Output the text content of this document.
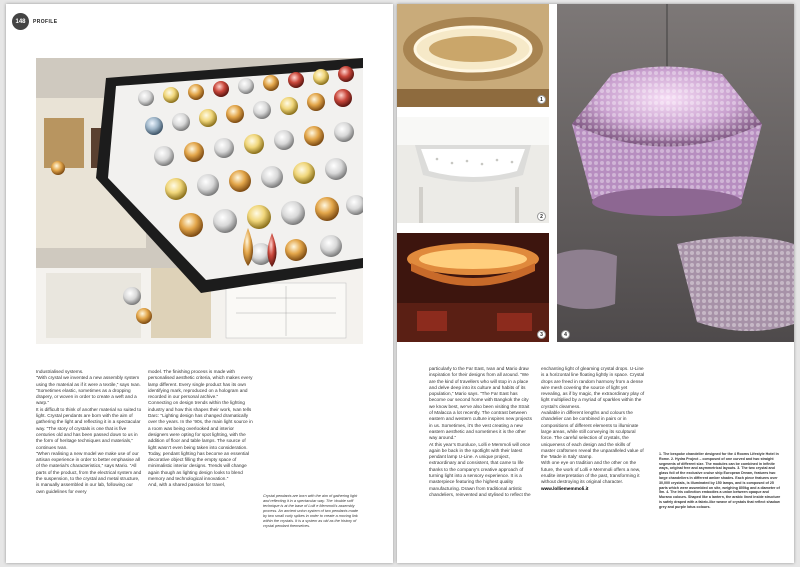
148	PROFILE

Industrialised systems.
“With crystal we invented a new assembly system using the material as if it were a textile,” says Ivan. “Sometimes elastic, sometimes as a dropping drapery, or woven in order to create a weft and a warp.”
It is difficult to think of another material so suited to light. Crystal pendants are born with the aim of gathering the light and reflecting it in a spectacular way. “The story of crystals is one that is five centuries old and has been passed down to us in the form of heritage techniques and materials,” continues Ivan.
“When realising a new model we make use of our artisan experience in order to better emphasise all of the material’s characteristics,” says Mario. “All parts of the product, from the electrical system and the suspension, to the crystal and metal structure, is manually assembled in our lab, following our own guidelines for every

model. The finishing process is made with personalised aesthetic criteria, which makes every lamp different. Every single product has its own identifying mark, reproduced on a hologram and recorded in our personal archive.”
Connecting on design trends within the lighting industry and how this shapes their work, Ivan tells Darc: “Lighting design has changed dramatically over the years. In the ‘90s, the main light source in a room was being overlooked and interior designers were opting for spot lighting, with the addition of floor and table lamps. The source of light wasn’t even being taken into consideration. Today, pendant lighting has become an essential decorative object filling the empty space of minimalistic interior designs. Trends will change again though as lighting design looks to blend memory and technological innovation.”
And, with a shared passion for travel,

Crystal pendants are born with the aim of gathering light and reflecting it in a spectacular way. The ‘double soft’ technique is at the base of Lolli e Memmoli’s assembly process. An ancient union system of two pendants made by two small curly spikes in order to create a moving link within the crystals. It is a system as old as the history of crystal pendant themselves.
1
2
3	4

particularly to the Far East, Ivan and Mario draw inspiration for their designs from all around. “We are the kind of travellers who will stop in a place and delve deep into its culture and habits of its population,” Mario says. “The Far East has become our second home with Bangkok the city we know best, we’ve also been visiting the Strait of Malacca a lot recently. The contrast between eastern and western culture inspires new projects in us. Sometimes, it’s the vest creating a new eastern aesthetic and sometimes it is the other way around.”
At this year’s Euroluce, Lolli e Memmoli will once again be back in the spotlight with their latest pendant lamp U-Line. A unique project, extraordinary and consistent, that came to life thanks to the company’s creative approach of turning light into a sensory experience. It is a masterpiece featuring the highest quality manufacturing. Drawn from traditional artistic chandeliers, reinvented and stylised to reflect the

enchanting light of gleaming crystal drops. U-Line is a horizontal line floating lightly in space. Crystal drops are freed in random harmony from a dense wire mesh covering the source of light yet revealing, as if by magic, the extraordinary play of light multiplied by a myriad of sparkles within the crystal’s clearness.
Available in different lengths and colours the chandelier can be combined in pairs or in compositions of different elements to illuminate large areas, while still conveying its sculptural force. The careful selection of crystals, the uniqueness of each design and the skills of master craftsmen reveal the unparalleled value of the ‘Made in Italy’ stamp.
With one eye on tradition and the other on the future, the work of Lolli e Memmoli offers a new, erudite interpretation of the past, transforming it without destroying its original character.

www.lolliememmoli.it

1. The bespoke chandelier designed for the 4 Rooms Lifestyle Hotel in Rome. 2. Hydra Project – composed of one curved and two straight segments of different size. The modules can be combined in infinite ways, original free and asymmetrical layouts. 3. The two crystal and glass foil of the exclusive cruise ship European Dream, features two large chandeliers in different amber shades. Each piece features over 30,000 crystals, is illuminated by 150 lamps, and is composed of 25 parts which were assembled on site, weighing 800kg and a diameter of 5m. 4. The Iris collection embodies a union between opaque and Murano colours. Shaped like a lantern, the arabic lined inside structure is safely draped with a fabric-like weave of crystals that reflect shadow grey and purple lotus colours.
